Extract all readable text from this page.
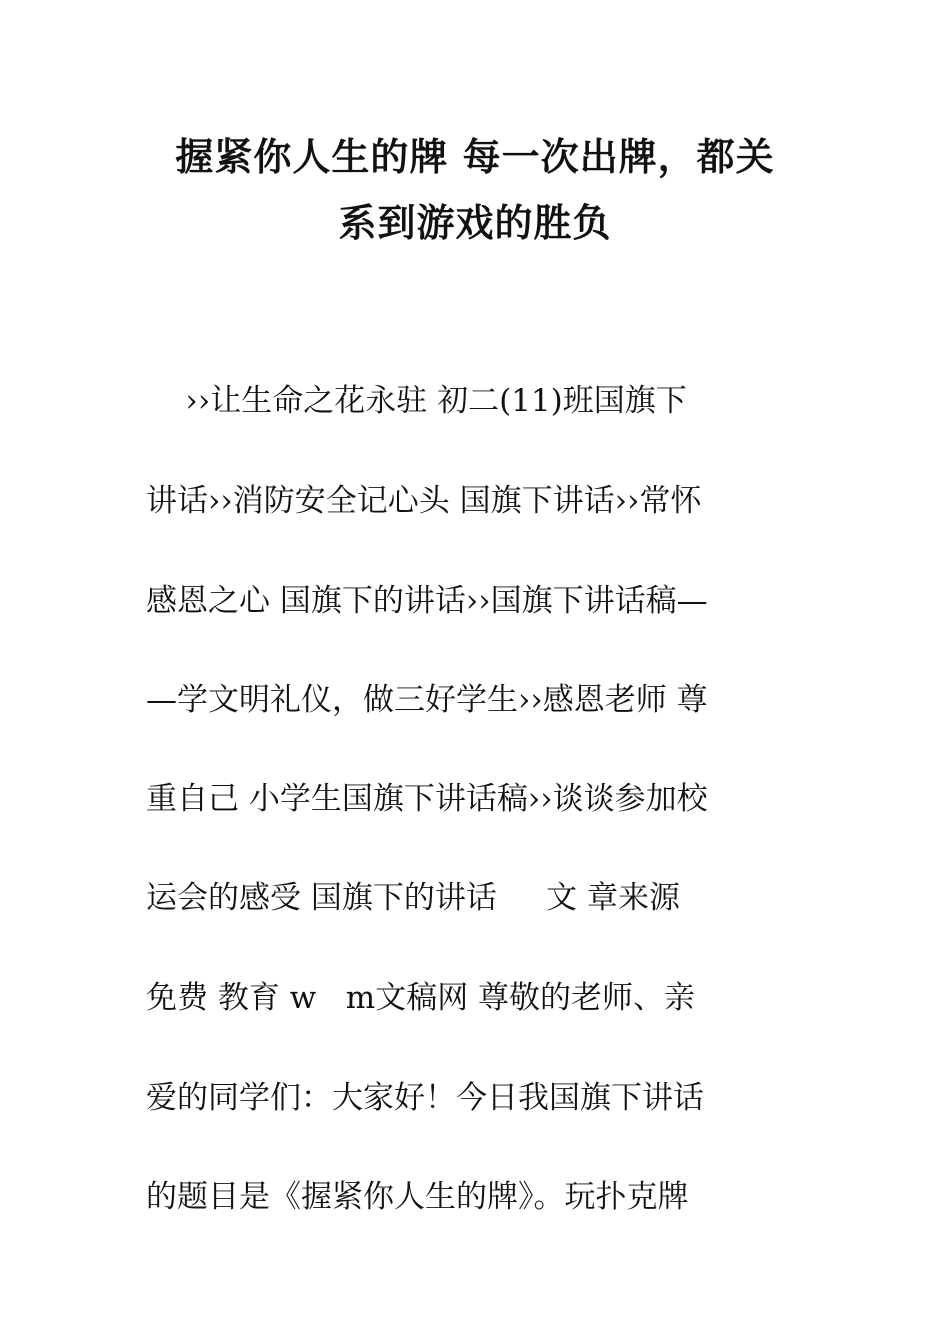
握紧你人生的牌 每一次出牌，都关
系到游戏的胜负

››让生命之花永驻 初二(11)班国旗下

讲话››消防安全记心头 国旗下讲话››常怀

感恩之心 国旗下的讲话››国旗下讲话稿—

—学文明礼仪，做三好学生››感恩老师 尊

重自己 小学生国旗下讲话稿››谈谈参加校

运会的感受 国旗下的讲话     文 章来源

免费 教育 w   m文稿网 尊敬的老师、亲

爱的同学们：大家好！今日我国旗下讲话

的题目是《握紧你人生的牌》。玩扑克牌
